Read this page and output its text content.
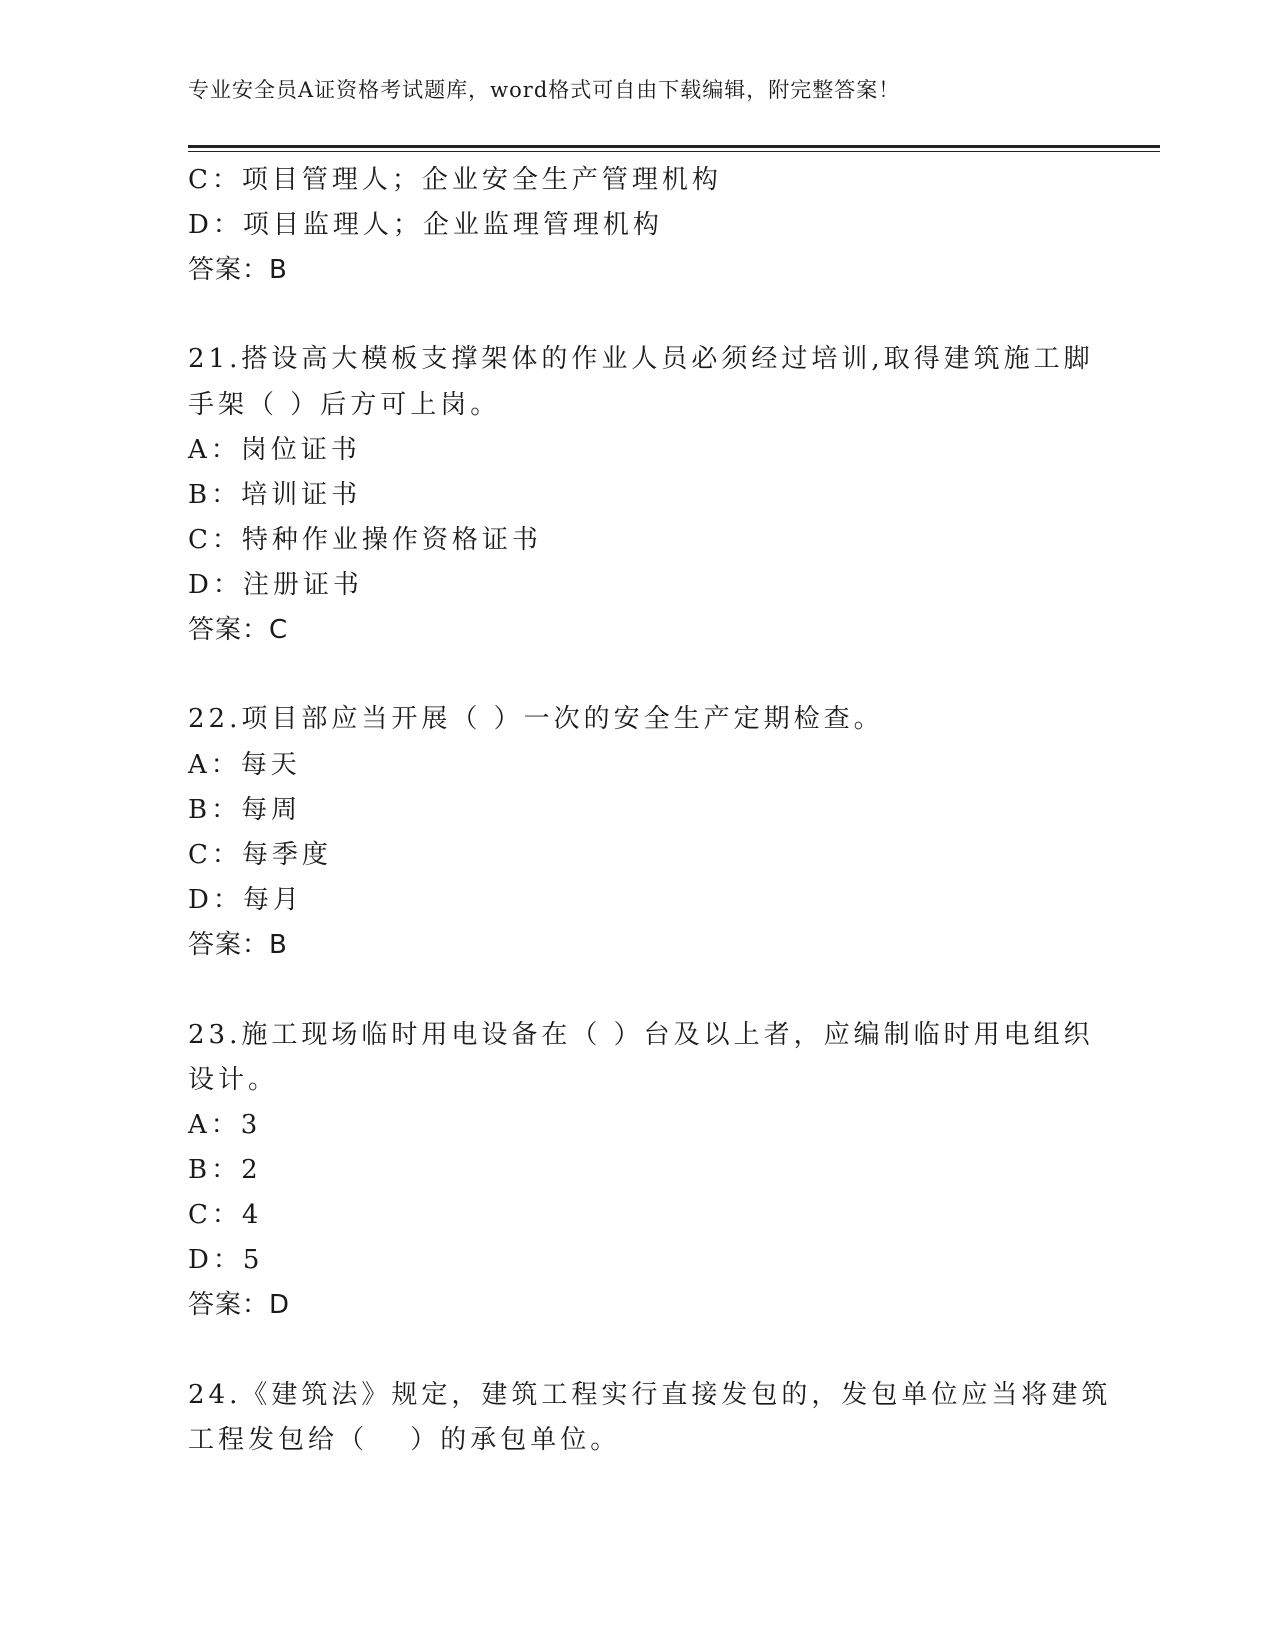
专业安全员A证资格考试题库，word格式可自由下载编辑，附完整答案！
C：项目管理人；企业安全生产管理机构
D：项目监理人；企业监理管理机构
答案：B
21.搭设高大模板支撑架体的作业人员必须经过培训,取得建筑施工脚
手架（ ）后方可上岗。
A：岗位证书
B：培训证书
C：特种作业操作资格证书
D：注册证书
答案：C
22.项目部应当开展（ ）一次的安全生产定期检查。
A：每天
B：每周
C：每季度
D：每月
答案：B
23.施工现场临时用电设备在（ ）台及以上者，应编制临时用电组织
设计。
A：3
B：2
C：4
D：5
答案：D
24.《建筑法》规定，建筑工程实行直接发包的，发包单位应当将建筑
工程发包给（　 ）的承包单位。
